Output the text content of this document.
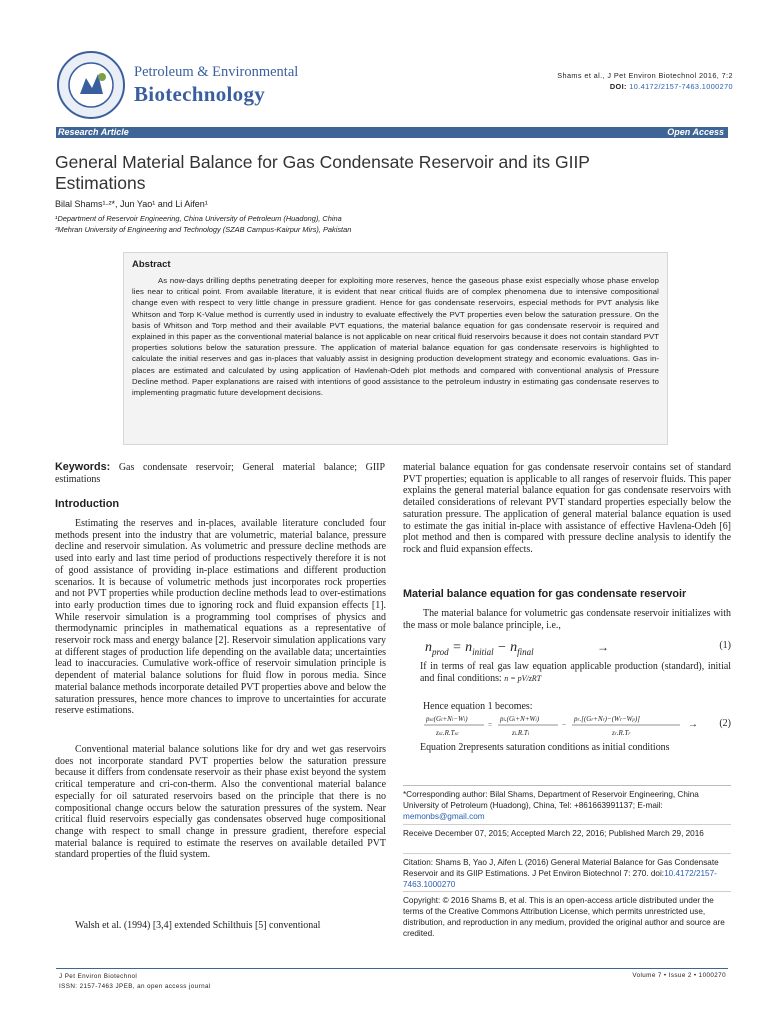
Petroleum & Environmental
Biotechnology
Shams et al., J Pet Environ Biotechnol 2016, 7:2
DOI: 10.4172/2157-7463.1000270
Research Article	Open Access
General Material Balance for Gas Condensate Reservoir and its GIIP Estimations
Bilal Shams¹·²*, Jun Yao¹ and Li Aifen¹
¹Department of Reservoir Engineering, China University of Petroleum (Huadong), China
²Mehran University of Engineering and Technology (SZAB Campus-Kairpur Mirs), Pakistan
Abstract

As now-days drilling depths penetrating deeper for exploiting more reserves, hence the gaseous phase exist especially whose phase envelop lies near to critical point. From available literature, it is evident that near critical fluids are of complex phenomena due to intensive compositional change even with respect to very little change in pressure gradient. Hence for gas condensate reservoirs, especial methods for PVT analysis like Whitson and Torp K-Value method is currently used in industry to evaluate effectively the PVT properties even below the saturation pressure. On the basis of Whitson and Torp method and their available PVT equations, the material balance equation for gas condensate reservoir is required and explained in this paper as the conventional material balance is not applicable on near critical fluid reservoirs because it does not contain standard PVT properties solutions below the saturation pressure. The application of material balance equation for gas condensate reservoirs is highlighted to calculate the initial reserves and gas in-places that valuably assist in designing production development strategy and economic evaluations. Gas in-places are estimated and calculated by using application of Havlenah-Odeh plot methods and compared with conventional analysis of Pressure Decline method. Paper explanations are raised with intentions of good assistance to the petroleum industry in estimating gas condensate reserves to implementing pragmatic future development decisions.

Keywords: Gas condensate reservoir; General material balance; GIIP estimations
Introduction

Estimating the reserves and in-places, available literature concluded four methods present into the industry that are volumetric, material balance, pressure decline and reservoir simulation. As volumetric and pressure decline methods are used into early and last time period of productions respectively therefore it is not of good assistance of providing in-place estimations and different production scenarios. It is because of volumetric methods just incorporates rock properties and not PVT properties while production decline methods lead to over-estimations into early production times due to ignoring rock and fluid expansion effects [1]. While reservoir simulation is a programming tool comprises of physics and thermodynamic principles in mathematical equations as a representative of reservoir rock mass and energy balance [2]. Reservoir simulation applications vary at different stages of production life depending on the available data; uncertainties lead to inaccuracies. Cumulative work-office of reservoir simulation principle is dependent of material balance solutions for fluid flow in porous media. Since material balance methods incorporate detailed PVT properties above and below the saturation pressures, hence more chances to improve to uncertainties for accurate reserve estimations.

Conventional material balance solutions like for dry and wet gas reservoirs does not incorporate standard PVT properties below the saturation pressure because it differs from condensate reservoir as their phase exist beyond the system critical temperature and cri-con-therm. Also the conventional material balance especially for oil saturated reservoirs based on the principle that there is no compositional change occurs below the saturation pressures of the system. Near critical fluid reservoirs especially gas condensates observed huge compositional change with respect to small change in pressure gradient, therefore especial material balance is required to estimate the reserves on available detailed PVT standard properties of the fluid system.

Walsh et al. (1994) [3,4] extended Schilthuis [5] conventional

material balance equation for gas condensate reservoir contains set of standard PVT properties; equation is applicable to all ranges of reservoir fluids. This paper explains the general material balance equation for gas condensate reservoirs with detailed considerations of relevant PVT standard properties especially below the saturation pressure. The application of general material balance equation is used to estimate the gas initial in-place with assistance of effective Havlena-Odeh [6] plot method and then is compared with pressure decline analysis to identify the rock and fluid expansion effects.

Material balance equation for gas condensate reservoir

The material balance for volumetric gas condensate reservoir initializes with the mass or mole balance principle, i.e.,

$n_{prod} = n_{initial} - n_{final}$	→	(1)

If in terms of real gas law equation applicable production (standard), initial and final conditions: n = pV/zRT

Hence equation 1 becomes:

psc(Gi+Ni−Wi)
zsc.R.Tsc
=
pi.(Gi+N+Wi)
zi.R.Ti
−
pr.[(Gr+Nr)−(Wr−Wp)]
zr.R.Tr
→ (2)

Equation 2represents saturation conditions as initial conditions

*Corresponding author: Bilal Shams, Department of Reservoir Engineering, China University of Petroleum (Huadong), China, Tel: +861663991137; E-mail: memonbs@gmail.com
Receive December 07, 2015; Accepted March 22, 2016; Published March 29, 2016
Citation: Shams B, Yao J, Aifen L (2016) General Material Balance for Gas Condensate Reservoir and its GIIP Estimations. J Pet Environ Biotechnol 7: 270. doi:10.4172/2157-7463.1000270
Copyright: © 2016 Shams B, et al. This is an open-access article distributed under the terms of the Creative Commons Attribution License, which permits unrestricted use, distribution, and reproduction in any medium, provided the original author and source are credited.
J Pet Environ Biotechnol
ISSN: 2157-7463 JPEB, an open access journal
Volume 7 • Issue 2 • 1000270
